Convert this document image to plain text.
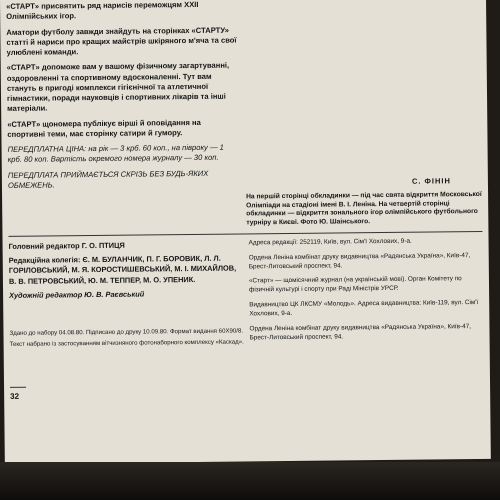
«СТАРТ» присвятить ряд нарисів переможцям XXII Олімпійських ігор.

Аматори футболу завжди знайдуть на сторінках «СТАРТУ» статті й нариси про кращих майстрів шкіряного м'яча та свої улюблені команди.

«СТАРТ» допоможе вам у вашому фізичному загартуванні, оздоровленні та спортивному вдосконаленні. Тут вам стануть в пригоді комплекси гігієнічної та атлетичної гімнастики, поради науковців і спортивних лікарів та інші матеріали.

«СТАРТ» щономера публікує вірші й оповідання на спортивні теми, має сторінку сатири й гумору.

ПЕРЕДПЛАТНА ЦІНА: на рік — 3 крб. 60 коп., на півроку — 1 крб. 80 коп. Вартість окремого номера журналу — 30 коп.

ПЕРЕДПЛАТА ПРИЙМАЄТЬСЯ СКРІЗЬ БЕЗ БУДЬ-ЯКИХ ОБМЕЖЕНЬ.	С. ФІНІН
На першій сторінці обкладинки — під час свята відкриття Московської Олімпіади на стадіоні імені В. І. Леніна. На четвертій сторінці обкладинки — відкриття зонального ігор олімпійського футбольного турніру в Києві. Фото Ю. Шаінського.

Головний редактор Г. О. ПТИЦЯ

Редакційна колегія: Є. М. БУЛАНЧИК, П. Г. БОРОВИК, Л. Л. ГОРІЛОВСЬКИЙ, М. Я. КОРОСТИШЕВСЬКИЙ, М. І. МИХАЙЛОВ, В. В. ПЕТРОВСЬКИЙ, Ю. М. ТЕППЕР, М. О. УПЕНИК.

Художній редактор Ю. В. Раєвський

Здано до набору 04.08.80. Підписано до друку 10.09.80. Формат видання 60Х90/8.

Текст набрано із застосуванням вітчизняного фотонаборного комплексу «Каскад».

Адреса редакції: 252119, Київ, вул. Сім'ї Хохлових, 9-а.

Ордена Леніна комбінат друку видавництва «Радянська Україна», Київ-47, Брест-Литовський проспект, 94.

«Старт» — щомісячний журнал (на українській мові). Орган Комітету по фізичній культурі і спорту при Раді Міністрів УРСР.

Видавництво ЦК ЛКСМУ «Молодь». Адреса видавництва: Київ-119, вул. Сім'ї Хохлових, 9-а.

Ордена Леніна комбінат друку видавництва «Радянська Україна», Київ-47, Брест-Литовський проспект, 94.

32
